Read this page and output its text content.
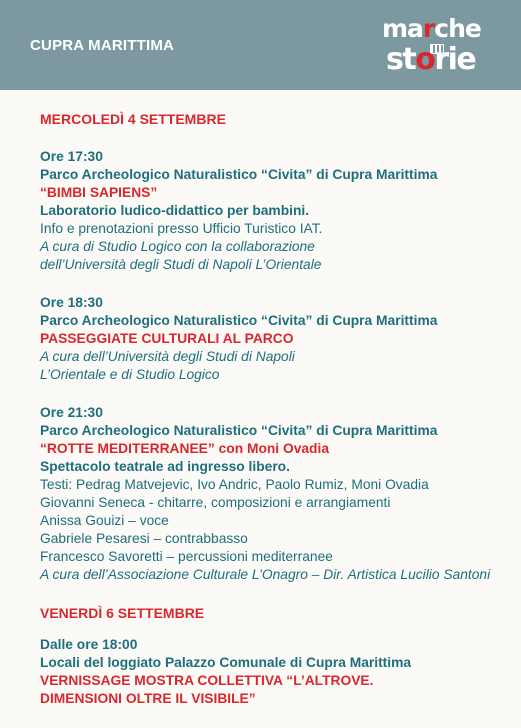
CUPRA MARITTIMA
marche
storie
MERCOLEDÌ 4 SETTEMBRE
Ore 17:30
Parco Archeologico Naturalistico “Civita” di Cupra Marittima
“BIMBI SAPIENS”
Laboratorio ludico-didattico per bambini.
Info e prenotazioni presso Ufficio Turistico IAT.
A cura di Studio Logico con la collaborazione
dell’Università degli Studi di Napoli L’Orientale
Ore 18:30
Parco Archeologico Naturalistico “Civita” di Cupra Marittima
PASSEGGIATE CULTURALI AL PARCO
A cura dell’Università degli Studi di Napoli
L’Orientale e di Studio Logico
Ore 21:30
Parco Archeologico Naturalistico “Civita” di Cupra Marittima
“ROTTE MEDITERRANEE” con Moni Ovadia
Spettacolo teatrale ad ingresso libero.
Testi: Pedrag Matvejevic, Ivo Andric, Paolo Rumiz, Moni Ovadia
Giovanni Seneca - chitarre, composizioni e arrangiamenti
Anissa Gouizi – voce
Gabriele Pesaresi – contrabbasso
Francesco Savoretti – percussioni mediterranee
A cura dell’Associazione Culturale L’Onagro – Dir. Artistica Lucilio Santoni
VENERDÌ 6 SETTEMBRE
Dalle ore 18:00
Locali del loggiato Palazzo Comunale di Cupra Marittima
VERNISSAGE MOSTRA COLLETTIVA “L’ALTROVE.
DIMENSIONI OLTRE IL VISIBILE”
